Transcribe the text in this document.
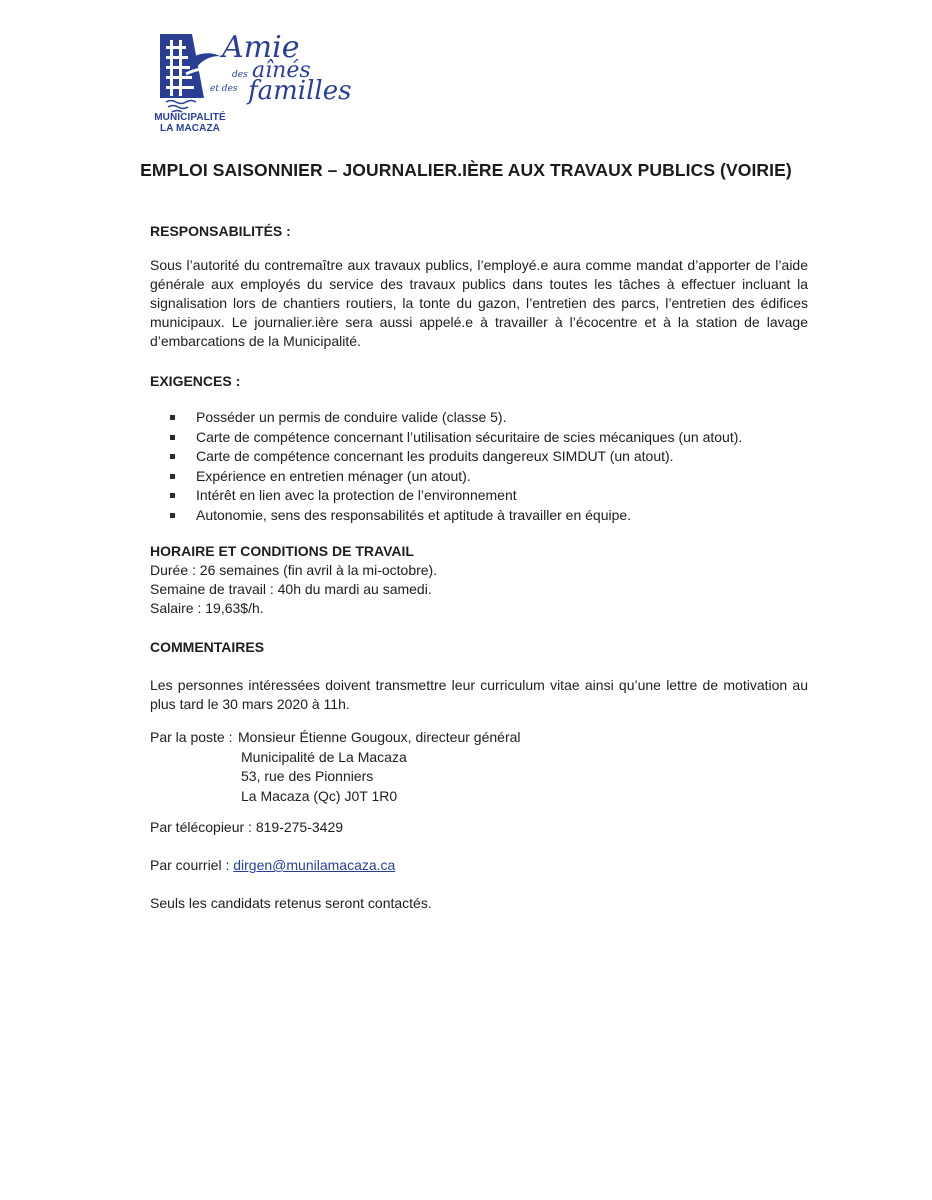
Amie
des aînés
et des familles
MUNICIPALITÉ
LA MACAZA
EMPLOI SAISONNIER – JOURNALIER.IÈRE AUX TRAVAUX PUBLICS (VOIRIE)
RESPONSABILITÉS :

Sous l’autorité du contremaître aux travaux publics, l’employé.e aura comme mandat d’apporter de l’aide générale aux employés du service des travaux publics dans toutes les tâches à effectuer incluant la signalisation lors de chantiers routiers, la tonte du gazon, l’entretien des parcs, l’entretien des édifices municipaux. Le journalier.ière sera aussi appelé.e à travailler à l’écocentre et à la station de lavage d’embarcations de la Municipalité.

EXIGENCES :
Posséder un permis de conduire valide (classe 5).
Carte de compétence concernant l’utilisation sécuritaire de scies mécaniques (un atout).
Carte de compétence concernant les produits dangereux SIMDUT (un atout).
Expérience en entretien ménager (un atout).
Intérêt en lien avec la protection de l’environnement
Autonomie, sens des responsabilités et aptitude à travailler en équipe.
HORAIRE ET CONDITIONS DE TRAVAIL
Durée : 26 semaines (fin avril à la mi-octobre).
Semaine de travail : 40h du mardi au samedi.
Salaire : 19,63$/h.
COMMENTAIRES

Les personnes intéressées doivent transmettre leur curriculum vitae ainsi qu’une lettre de motivation au plus tard le 30 mars 2020 à 11h.

Par la poste : Monsieur Étienne Gougoux, directeur général
Municipalité de La Macaza
53, rue des Pionniers
La Macaza (Qc) J0T 1R0
Par télécopieur : 819-275-3429
Par courriel : dirgen@munilamacaza.ca
Seuls les candidats retenus seront contactés.
